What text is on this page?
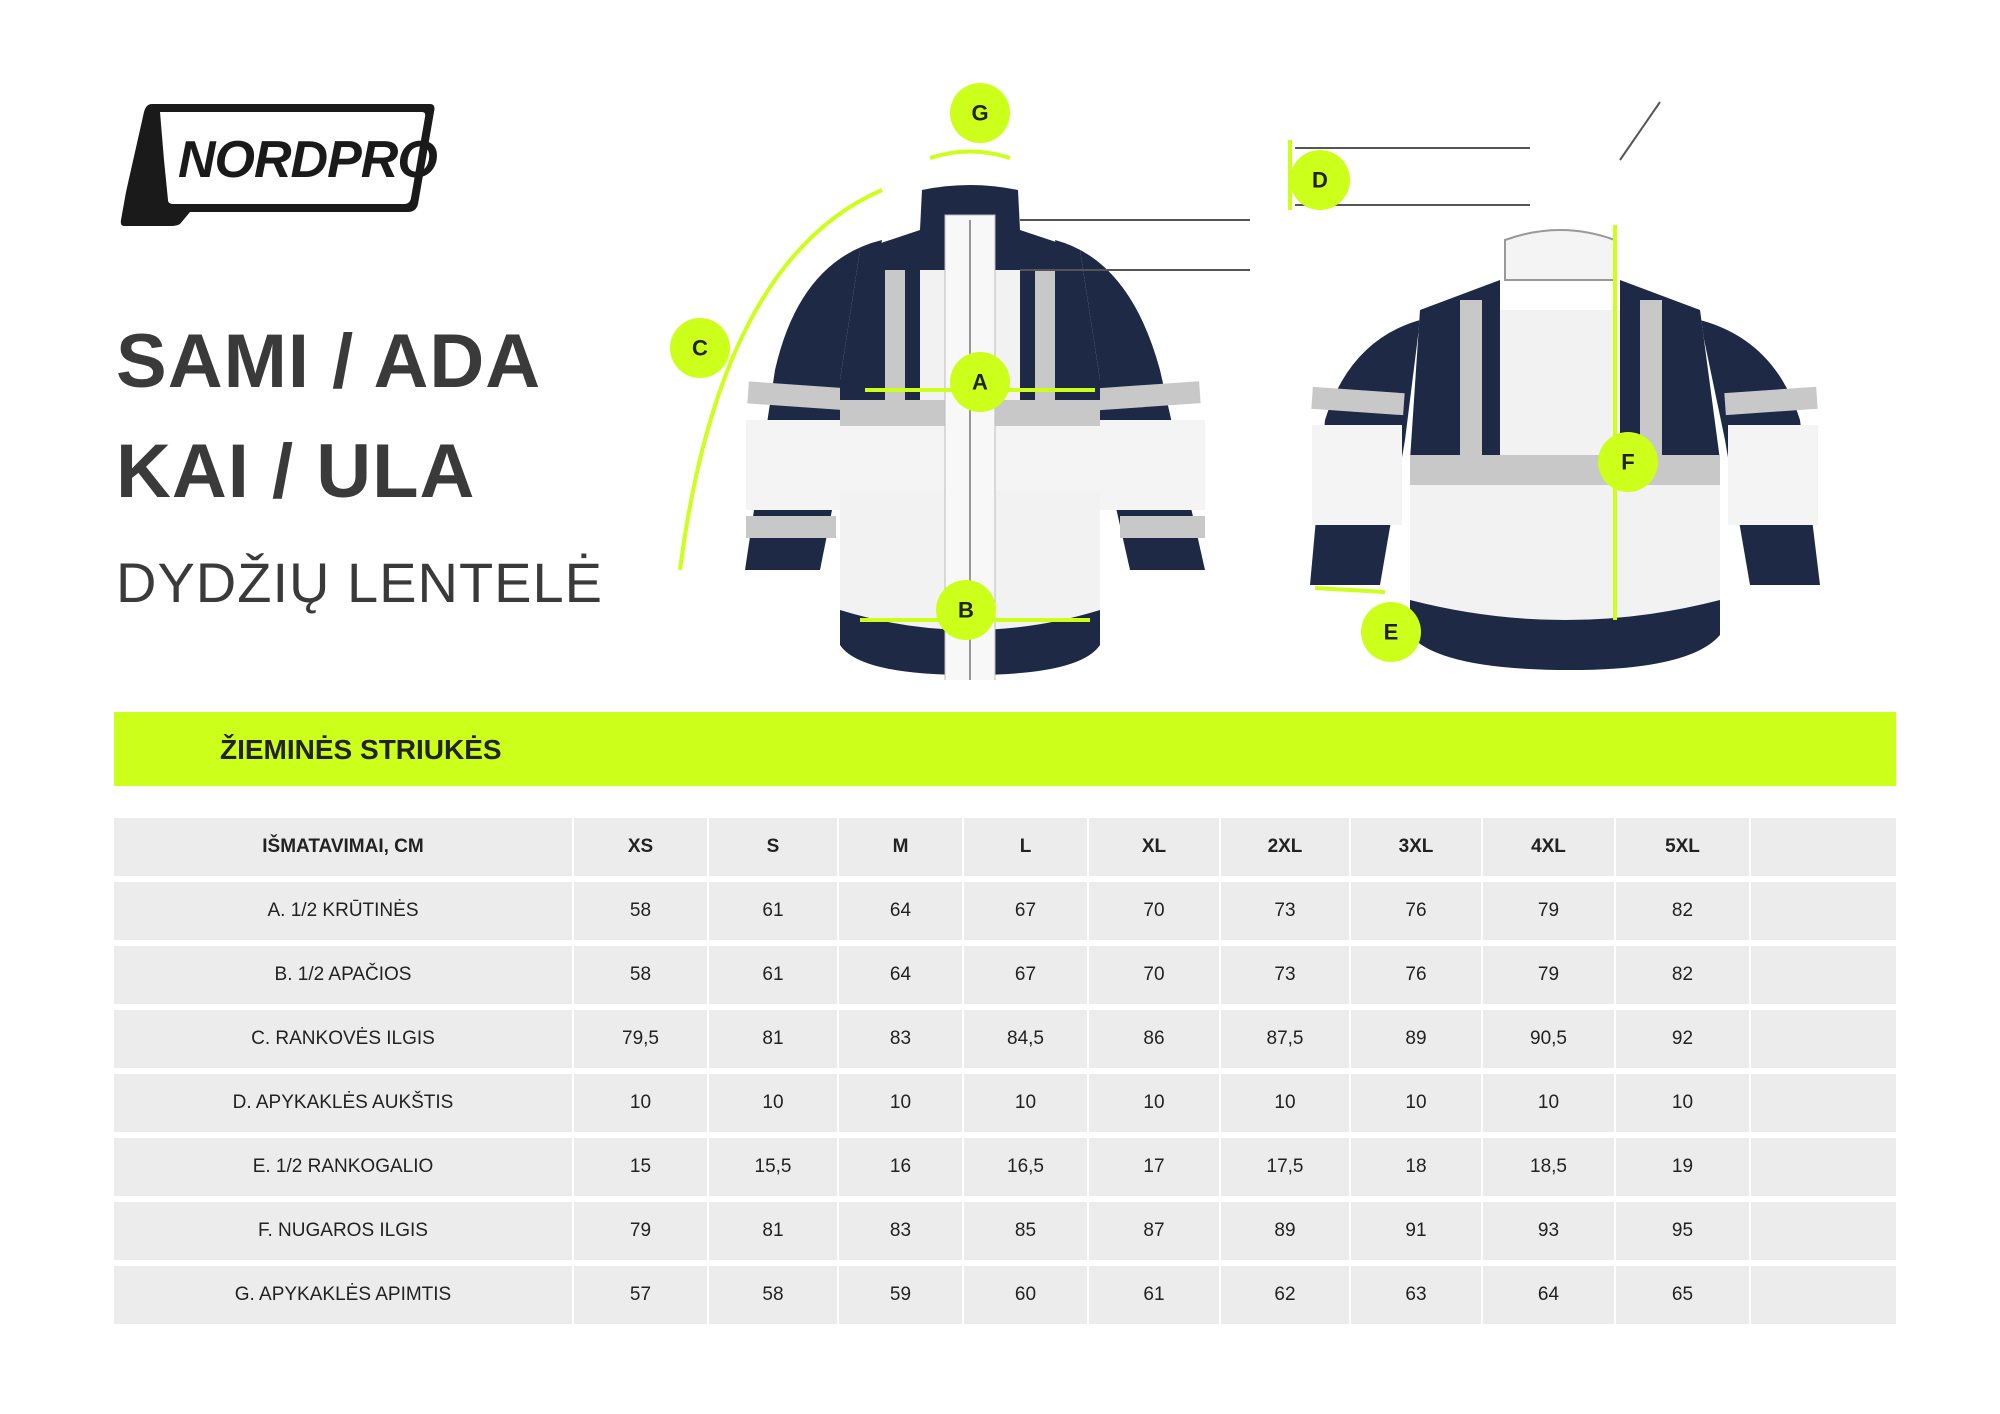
NORDPRO
SAMI / ADA
KAI / ULA
DYDŽIŲ LENTELĖ
A
B
C
D
E
F
G
ŽIEMINĖS STRIUKĖS
IŠMATAVIMAI, CM	XS	S	M	L	XL	2XL	3XL	4XL	5XL	
A. 1/2 KRŪTINĖS	58	61	64	67	70	73	76	79	82	
B. 1/2 APAČIOS	58	61	64	67	70	73	76	79	82	
C. RANKOVĖS ILGIS	79,5	81	83	84,5	86	87,5	89	90,5	92	
D. APYKAKLĖS AUKŠTIS	10	10	10	10	10	10	10	10	10	
E. 1/2 RANKOGALIO	15	15,5	16	16,5	17	17,5	18	18,5	19	
F. NUGAROS ILGIS	79	81	83	85	87	89	91	93	95	
G. APYKAKLĖS APIMTIS	57	58	59	60	61	62	63	64	65	
